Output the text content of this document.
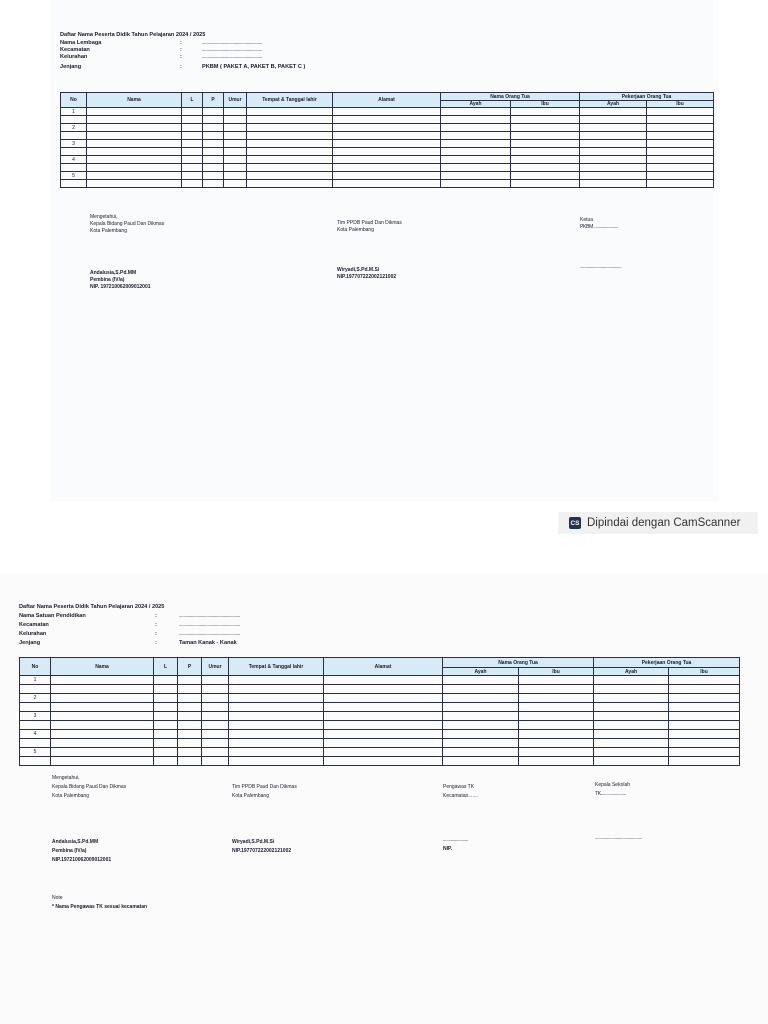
Daftar Nama Peserta Didik Tahun Pelajaran 2024 / 2025
Nama Lembaga	:	.......................................................
Kecamatan	:	.......................................................
Kelurahan	:	.......................................................
Jenjang	:	PKBM ( PAKET A, PAKET B, PAKET C )
No	Nama	L	P	Umur	Tempat & Tanggal lahir	Alamat	Nama Orang Tua		Pekerjaan Orang Tua	
							Ayah	Ibu	Ayah	Ibu
1										

2										

3										

4										

5										

Mengetahui,
Kepala Bidang Paud Dan Dikmas
Kota Palembang
Andalusia,S.Pd.MM
Pembina (IV/a)
NIP. 197210062009012001
Tim PPDB Paud Dan Dikmas
Kota Palembang
Wiryadi,S.Pd.M.Si
NIP.197707222002121002
Ketua
PKBM ......................
......................................
CS Dipindai dengan CamScanner
Daftar Nama Peserta Didik Tahun Pelajaran 2024 / 2025
Nama Satuan Pendidikan	:	........................................................
Kecamatan	:	........................................................
Kelurahan	:	........................................................
Jenjang	:	Taman Kanak - Kanak
No	Nama	L	P	Umur	Tempat & Tanggal lahir	Alamat	Nama Orang Tua		Pekerjaan Orang Tua	
							Ayah	Ibu	Ayah	Ibu
1										

2										

3										

4										

5										

Mengetahui,
Kepala Bidang Paud Dan Dikmas
Kota Palembang
Andalusia,S.Pd.MM
Pembina (IV/a)
NIP.197210062009012001
Tim PPDB Paud Dan Dikmas
Kota Palembang
Wiryadi,S.Pd.M.Si
NIP.197707222002121002
Pengawas TK
Kecamatan.......
.......................
NIP.
Kepala Sekolah
TK.......................
...........................................
Note
* Nama Pengawas TK sesuai kecamatan
